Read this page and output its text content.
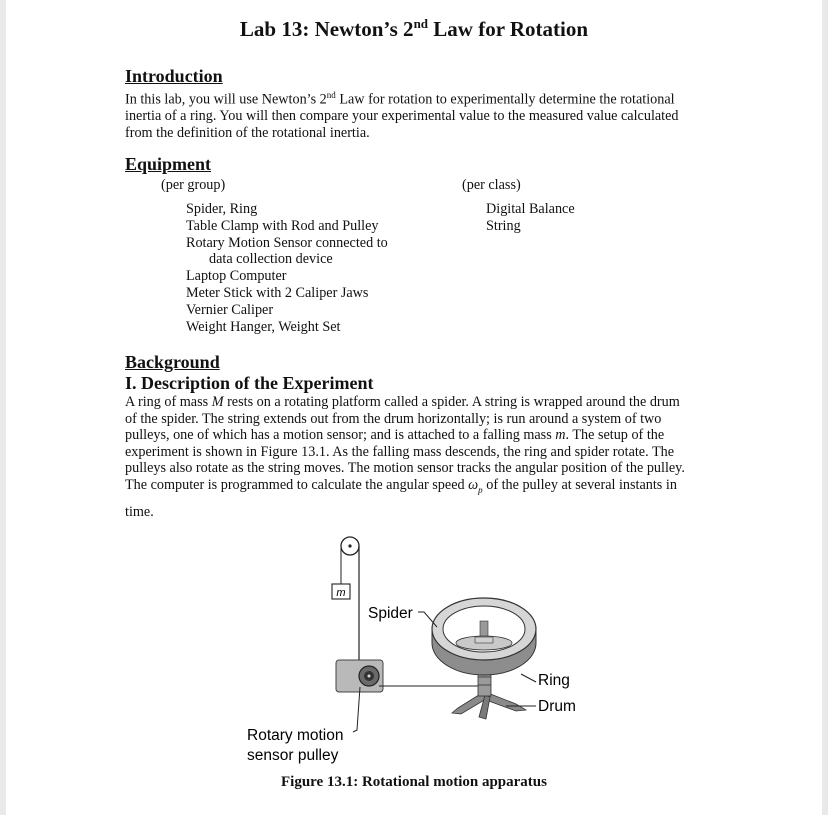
Lab 13: Newton’s 2nd Law for Rotation
Introduction
In this lab, you will use Newton’s 2nd Law for rotation to experimentally determine the rotational
inertia of a ring. You will then compare your experimental value to the measured value calculated
from the definition of the rotational inertia.
Equipment
(per group)	(per class)
Spider, Ring
Table Clamp with Rod and Pulley
Rotary Motion Sensor connected to
data collection device
Laptop Computer
Meter Stick with 2 Caliper Jaws
Vernier Caliper
Weight Hanger, Weight Set
Digital Balance
String
Background
I. Description of the Experiment
A ring of mass M rests on a rotating platform called a spider. A string is wrapped around the drum
of the spider. The string extends out from the drum horizontally; is run around a system of two
pulleys, one of which has a motion sensor; and is attached to a falling mass m. The setup of the
experiment is shown in Figure 13.1. As the falling mass descends, the ring and spider rotate. The
pulleys also rotate as the string moves. The motion sensor tracks the angular position of the pulley.
The computer is programmed to calculate the angular speed $\omega_p$ of the pulley at several instants in
time.
m
Spider
Ring
Drum
Rotary motion
sensor pulley
Figure 13.1: Rotational motion apparatus
